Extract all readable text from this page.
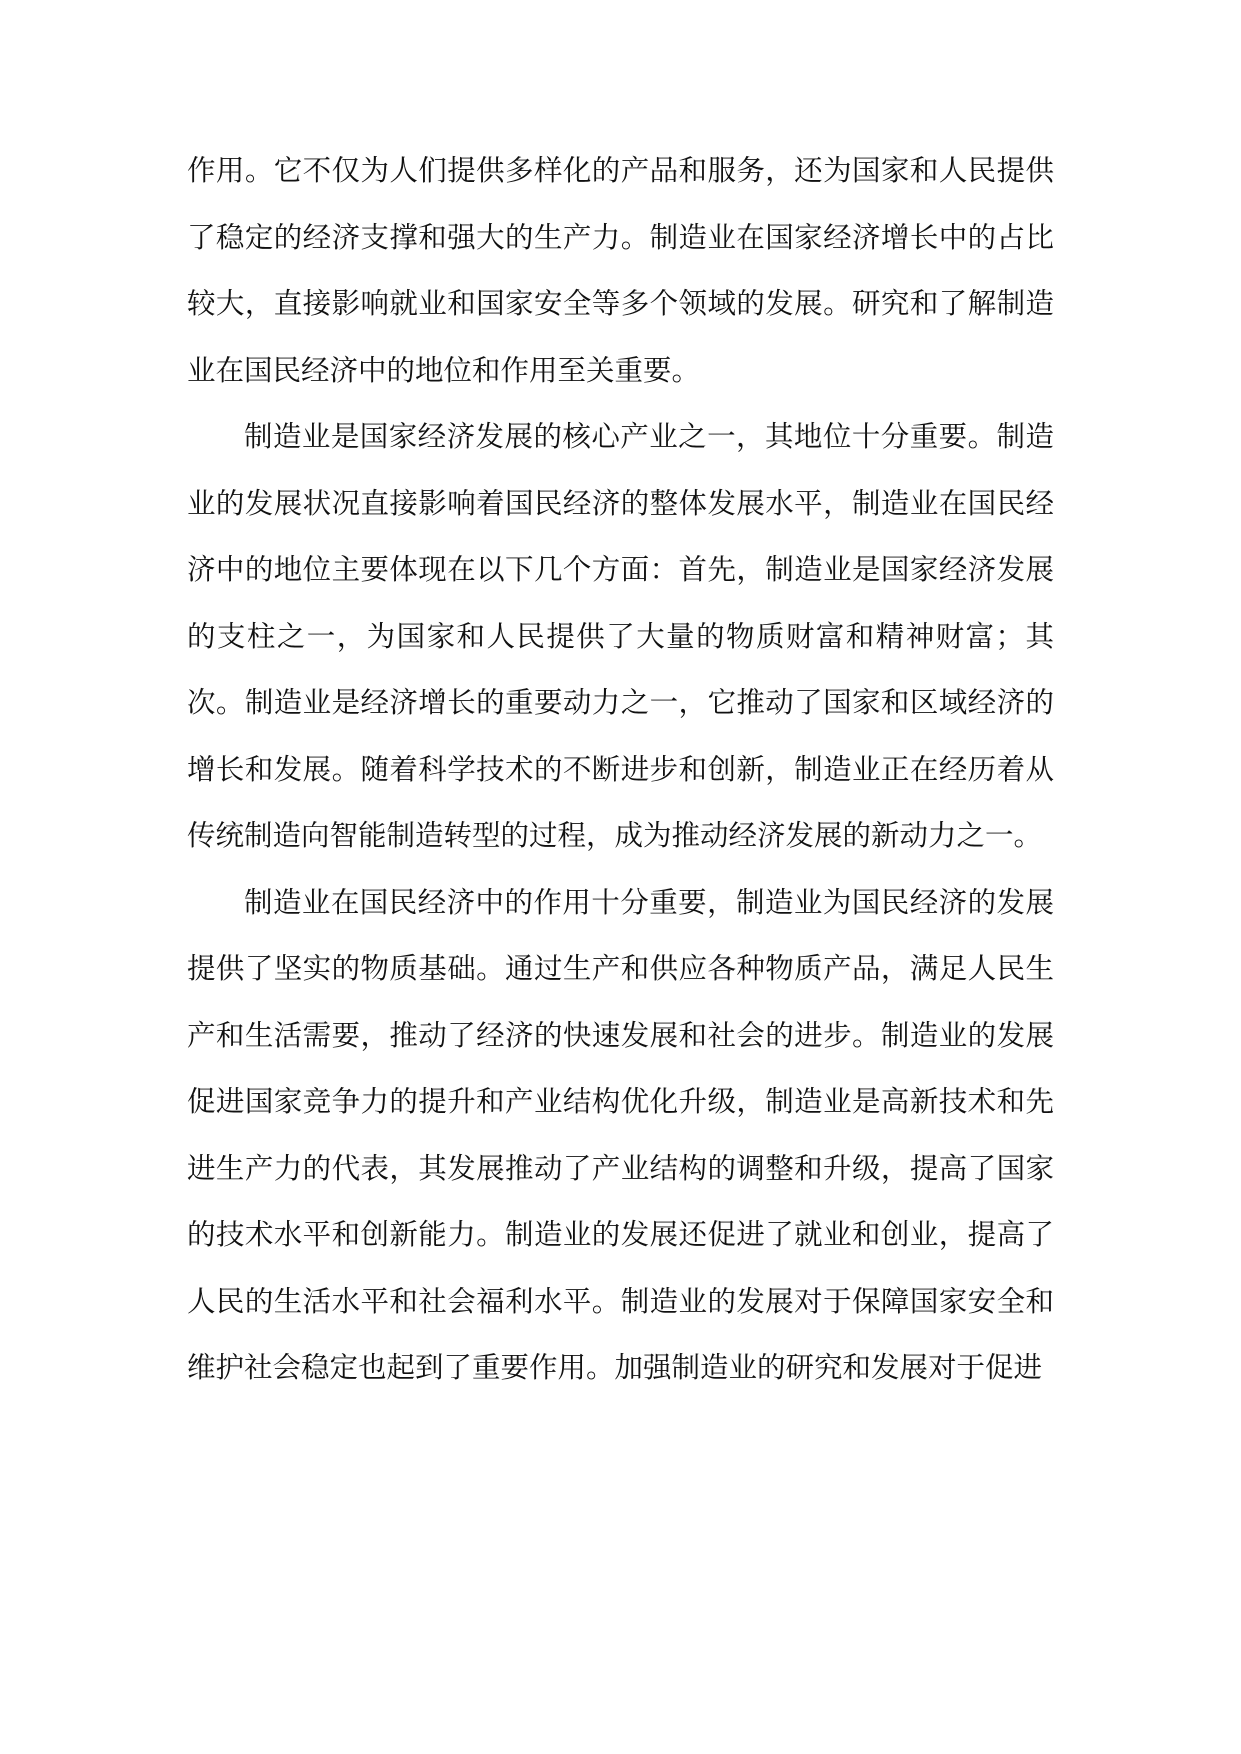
作用。它不仅为人们提供多样化的产品和服务，还为国家和人民提供了稳定的经济支撑和强大的生产力。制造业在国家经济增长中的占比较大，直接影响就业和国家安全等多个领域的发展。研究和了解制造业在国民经济中的地位和作用至关重要。

制造业是国家经济发展的核心产业之一，其地位十分重要。制造业的发展状况直接影响着国民经济的整体发展水平，制造业在国民经济中的地位主要体现在以下几个方面：首先，制造业是国家经济发展的支柱之一，为国家和人民提供了大量的物质财富和精神财富；其次。制造业是经济增长的重要动力之一，它推动了国家和区域经济的增长和发展。随着科学技术的不断进步和创新，制造业正在经历着从传统制造向智能制造转型的过程，成为推动经济发展的新动力之一。

制造业在国民经济中的作用十分重要，制造业为国民经济的发展提供了坚实的物质基础。通过生产和供应各种物质产品，满足人民生产和生活需要，推动了经济的快速发展和社会的进步。制造业的发展促进国家竞争力的提升和产业结构优化升级，制造业是高新技术和先进生产力的代表，其发展推动了产业结构的调整和升级，提高了国家的技术水平和创新能力。制造业的发展还促进了就业和创业，提高了人民的生活水平和社会福利水平。制造业的发展对于保障国家安全和维护社会稳定也起到了重要作用。加强制造业的研究和发展对于促进
